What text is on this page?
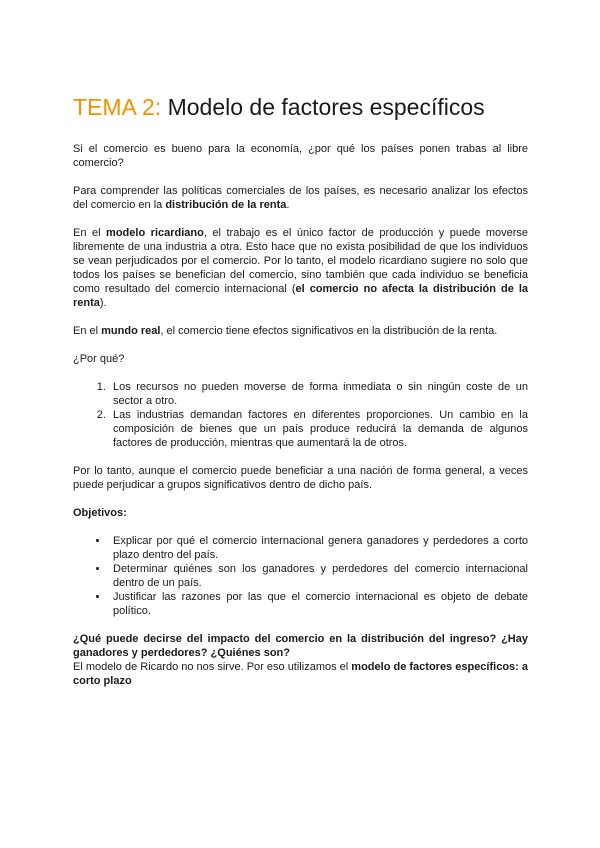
TEMA 2: Modelo de factores específicos

Si el comercio es bueno para la economía, ¿por qué los países ponen trabas al libre comercio?

Para comprender las políticas comerciales de los países, es necesario analizar los efectos del comercio en la distribución de la renta.

En el modelo ricardiano, el trabajo es el único factor de producción y puede moverse libremente de una industria a otra. Esto hace que no exista posibilidad de que los individuos se vean perjudicados por el comercio. Por lo tanto, el modelo ricardiano sugiere no solo que todos los países se benefician del comercio, sino también que cada individuo se beneficia como resultado del comercio internacional (el comercio no afecta la distribución de la renta).

En el mundo real, el comercio tiene efectos significativos en la distribución de la renta.

¿Por qué?

1. Los recursos no pueden moverse de forma inmediata o sin ningún coste de un sector a otro.
2. Las industrias demandan factores en diferentes proporciones. Un cambio en la composición de bienes que un país produce reducirá la demanda de algunos factores de producción, mientras que aumentará la de otros.

Por lo tanto, aunque el comercio puede beneficiar a una nación de forma general, a veces puede perjudicar a grupos significativos dentro de dicho país.

Objetivos:

• Explicar por qué el comercio internacional genera ganadores y perdedores a corto plazo dentro del país.
• Determinar quiénes son los ganadores y perdedores del comercio internacional dentro de un país.
• Justificar las razones por las que el comercio internacional es objeto de debate político.

¿Qué puede decirse del impacto del comercio en la distribución del ingreso? ¿Hay ganadores y perdedores? ¿Quiénes son?

El modelo de Ricardo no nos sirve. Por eso utilizamos el modelo de factores específicos: a corto plazo
